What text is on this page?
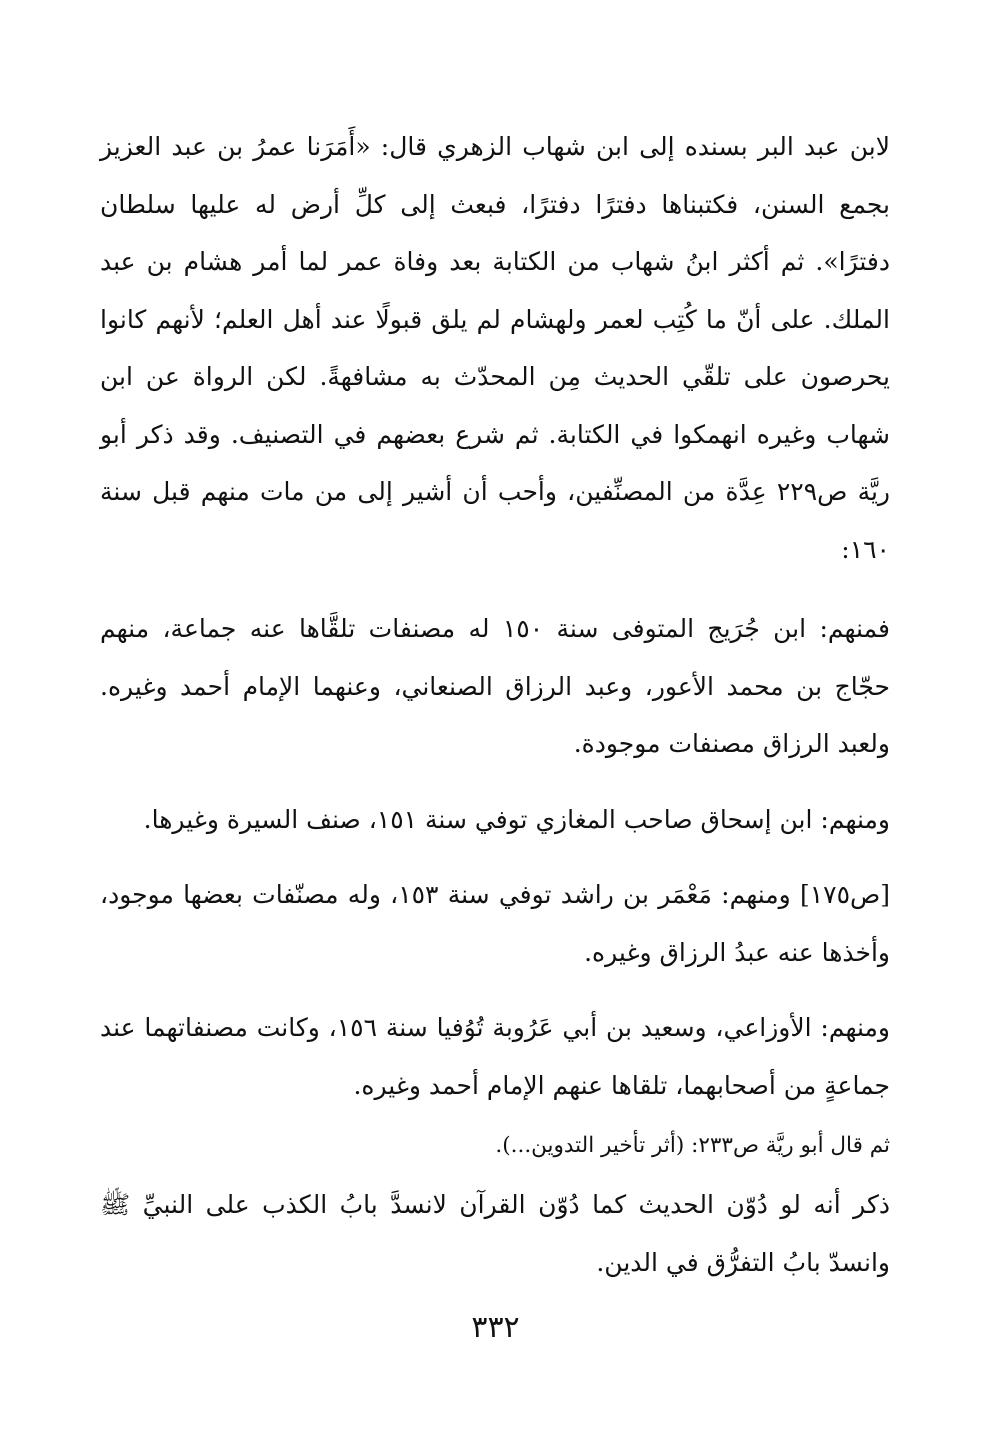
لابن عبد البر بسنده إلى ابن شهاب الزهري قال: «أَمَرَنا عمرُ بن عبد العزيز بجمع السنن، فكتبناها دفترًا دفترًا، فبعث إلى كلِّ أرض له عليها سلطان دفترًا». ثم أكثر ابنُ شهاب من الكتابة بعد وفاة عمر لما أمر هشام بن عبد الملك. على أنّ ما كُتِب لعمر ولهشام لم يلق قبولًا عند أهل العلم؛ لأنهم كانوا يحرصون على تلقّي الحديث مِن المحدّث به مشافهةً. لكن الرواة عن ابن شهاب وغيره انهمكوا في الكتابة. ثم شرع بعضهم في التصنيف. وقد ذكر أبو ريَّة ص٢٢٩ عِدَّة من المصنِّفين، وأحب أن أشير إلى من مات منهم قبل سنة ١٦٠:

فمنهم: ابن جُرَيج المتوفى سنة ١٥٠ له مصنفات تلقَّاها عنه جماعة، منهم حجّاج بن محمد الأعور، وعبد الرزاق الصنعاني، وعنهما الإمام أحمد وغيره. ولعبد الرزاق مصنفات موجودة.

ومنهم: ابن إسحاق صاحب المغازي توفي سنة ١٥١، صنف السيرة وغيرها.

[ص١٧٥] ومنهم: مَعْمَر بن راشد توفي سنة ١٥٣، وله مصنّفات بعضها موجود، وأخذها عنه عبدُ الرزاق وغيره.

ومنهم: الأوزاعي، وسعيد بن أبي عَرُوبة تُوُفيا سنة ١٥٦، وكانت مصنفاتهما عند جماعةٍ من أصحابهما، تلقاها عنهم الإمام أحمد وغيره.

ثم قال أبو ريَّة ص٢٣٣: (أثر تأخير التدوين...).

ذكر أنه لو دُوّن الحديث كما دُوّن القرآن لانسدَّ بابُ الكذب على النبيِّ ﷺ وانسدّ بابُ التفرُّق في الدين.

٣٣٢
